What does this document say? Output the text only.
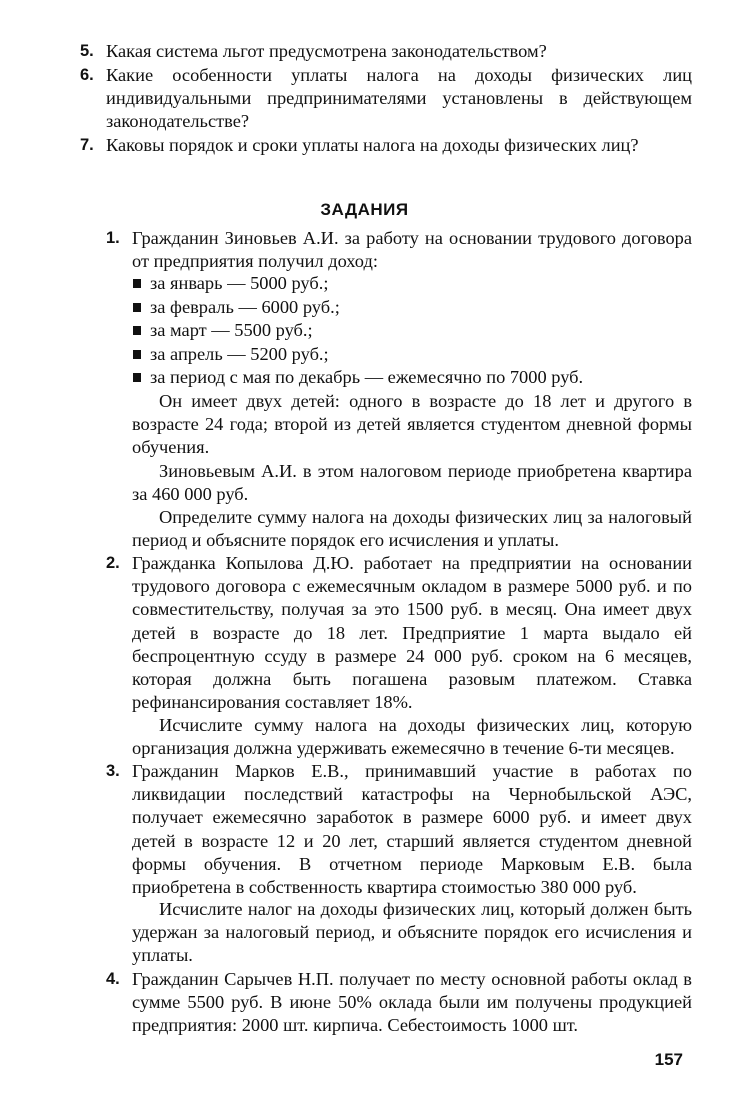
5. Какая система льгот предусмотрена законодательством?
6. Какие особенности уплаты налога на доходы физических лиц индивидуальными предпринимателями установлены в действующем законодательстве?
7. Каковы порядок и сроки уплаты налога на доходы физических лиц?
ЗАДАНИЯ
1. Гражданин Зиновьев А.И. за работу на основании трудового договора от предприятия получил доход:
за январь — 5000 руб.;
за февраль — 6000 руб.;
за март — 5500 руб.;
за апрель — 5200 руб.;
за период с мая по декабрь — ежемесячно по 7000 руб.
Он имеет двух детей: одного в возрасте до 18 лет и другого в возрасте 24 года; второй из детей является студентом дневной формы обучения.
Зиновьевым А.И. в этом налоговом периоде приобретена квартира за 460 000 руб.
Определите сумму налога на доходы физических лиц за налоговый период и объясните порядок его исчисления и уплаты.
2. Гражданка Копылова Д.Ю. работает на предприятии на основании трудового договора с ежемесячным окладом в размере 5000 руб. и по совместительству, получая за это 1500 руб. в месяц. Она имеет двух детей в возрасте до 18 лет. Предприятие 1 марта выдало ей беспроцентную ссуду в размере 24 000 руб. сроком на 6 месяцев, которая должна быть погашена разовым платежом. Ставка рефинансирования составляет 18%.
Исчислите сумму налога на доходы физических лиц, которую организация должна удерживать ежемесячно в течение 6-ти месяцев.
3. Гражданин Марков Е.В., принимавший участие в работах по ликвидации последствий катастрофы на Чернобыльской АЭС, получает ежемесячно заработок в размере 6000 руб. и имеет двух детей в возрасте 12 и 20 лет, старший является студентом дневной формы обучения. В отчетном периоде Марковым Е.В. была приобретена в собственность квартира стоимостью 380 000 руб.
Исчислите налог на доходы физических лиц, который должен быть удержан за налоговый период, и объясните порядок его исчисления и уплаты.
4. Гражданин Сарычев Н.П. получает по месту основной работы оклад в сумме 5500 руб. В июне 50% оклада были им получены продукцией предприятия: 2000 шт. кирпича. Себестоимость 1000 шт.
157
